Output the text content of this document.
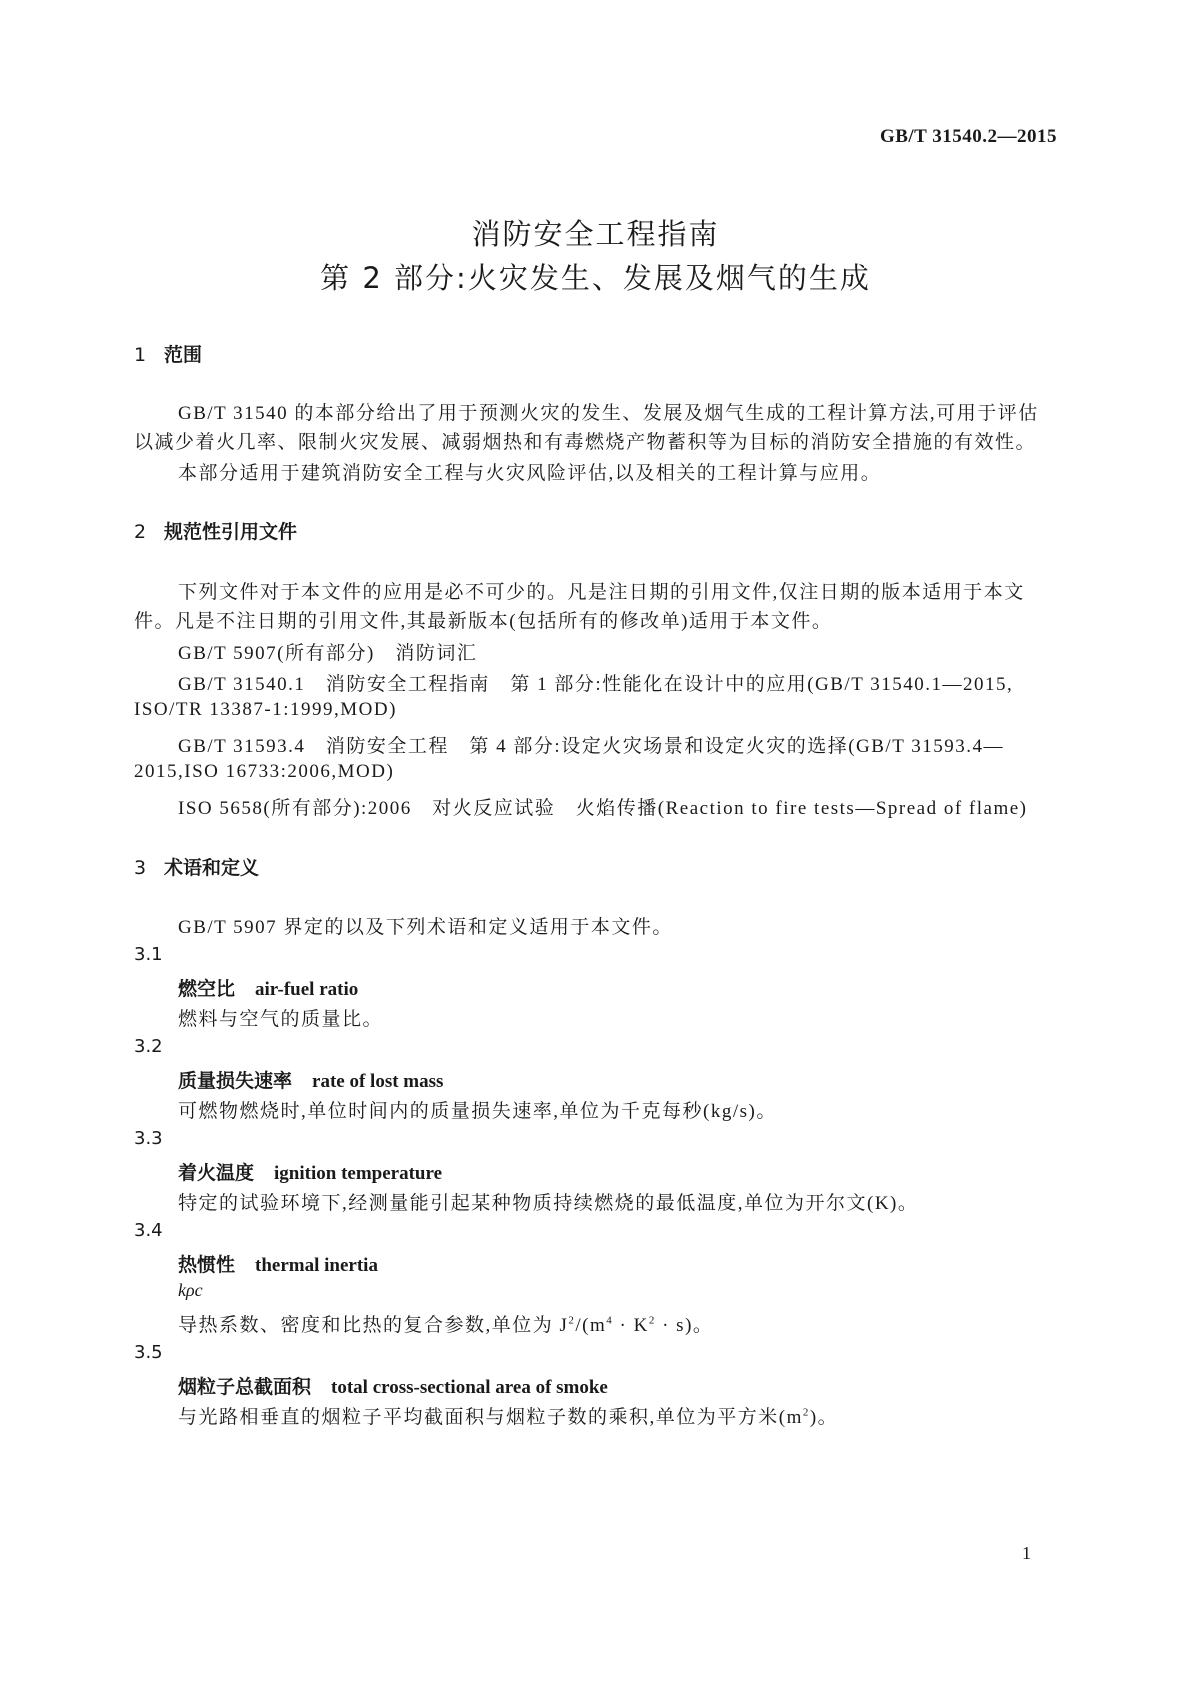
GB/T 31540.2—2015
消防安全工程指南
第 2 部分:火灾发生、发展及烟气的生成
1 范围
GB/T 31540 的本部分给出了用于预测火灾的发生、发展及烟气生成的工程计算方法,可用于评估
以减少着火几率、限制火灾发展、减弱烟热和有毒燃烧产物蓄积等为目标的消防安全措施的有效性。
本部分适用于建筑消防安全工程与火灾风险评估,以及相关的工程计算与应用。
2 规范性引用文件
下列文件对于本文件的应用是必不可少的。凡是注日期的引用文件,仅注日期的版本适用于本文
件。凡是不注日期的引用文件,其最新版本(包括所有的修改单)适用于本文件。
GB/T 5907(所有部分)　消防词汇
GB/T 31540.1　消防安全工程指南　第 1 部分:性能化在设计中的应用(GB/T 31540.1—2015,
ISO/TR 13387-1:1999,MOD)
GB/T 31593.4　消防安全工程　第 4 部分:设定火灾场景和设定火灾的选择(GB/T 31593.4—
2015,ISO 16733:2006,MOD)
ISO 5658(所有部分):2006　对火反应试验　火焰传播(Reaction to fire tests—Spread of flame)
3 术语和定义
GB/T 5907 界定的以及下列术语和定义适用于本文件。
3.1
燃空比 air-fuel ratio
燃料与空气的质量比。
3.2
质量损失速率 rate of lost mass
可燃物燃烧时,单位时间内的质量损失速率,单位为千克每秒(kg/s)。
3.3
着火温度 ignition temperature
特定的试验环境下,经测量能引起某种物质持续燃烧的最低温度,单位为开尔文(K)。
3.4
热惯性 thermal inertia
kρc
导热系数、密度和比热的复合参数,单位为 $J^2/(m^4 \cdot K^2 \cdot s)$。
3.5
烟粒子总截面积 total cross-sectional area of smoke
与光路相垂直的烟粒子平均截面积与烟粒子数的乘积,单位为平方米$(m^2)$。
1
